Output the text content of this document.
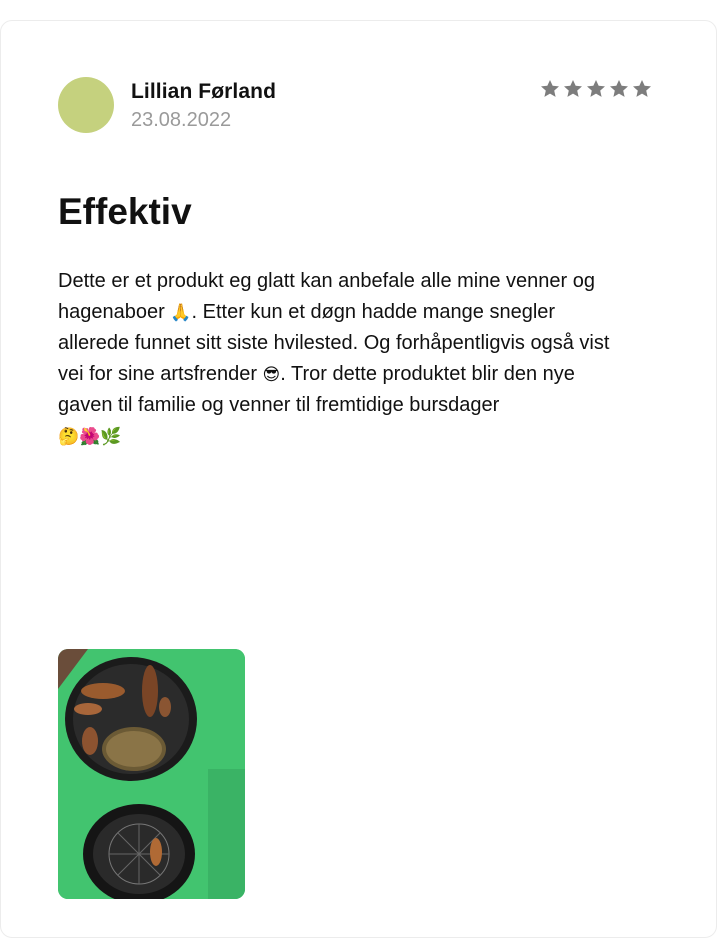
Lillian Førland
23.08.2022
Effektiv

Dette er et produkt eg glatt kan anbefale alle mine venner og hagenaboer 🙏. Etter kun et døgn hadde mange snegler allerede funnet sitt siste hvilested. Og forhåpentligvis også vist vei for sine artsfrender 😎. Tror dette produktet blir den nye gaven til familie og venner til fremtidige bursdager
🤔🌺🌿
